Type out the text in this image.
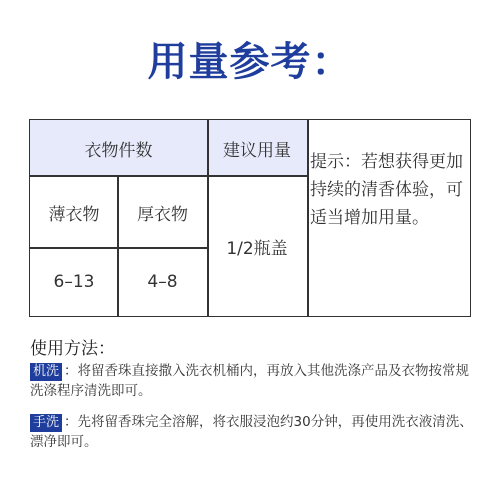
用量参考：
衣物件数	建议用量
薄衣物 厚衣物
6–13	4–8
1/2瓶盖
提示：若想获得更加持续的清香体验，可适当增加用量。
使用方法：
机洗 ：将留香珠直接撒入洗衣机桶内，再放入其他洗涤产品及衣物按常规洗涤程序清洗即可。
手洗 ：先将留香珠完全溶解，将衣服浸泡约30分钟，再使用洗衣液清洗、漂净即可。
